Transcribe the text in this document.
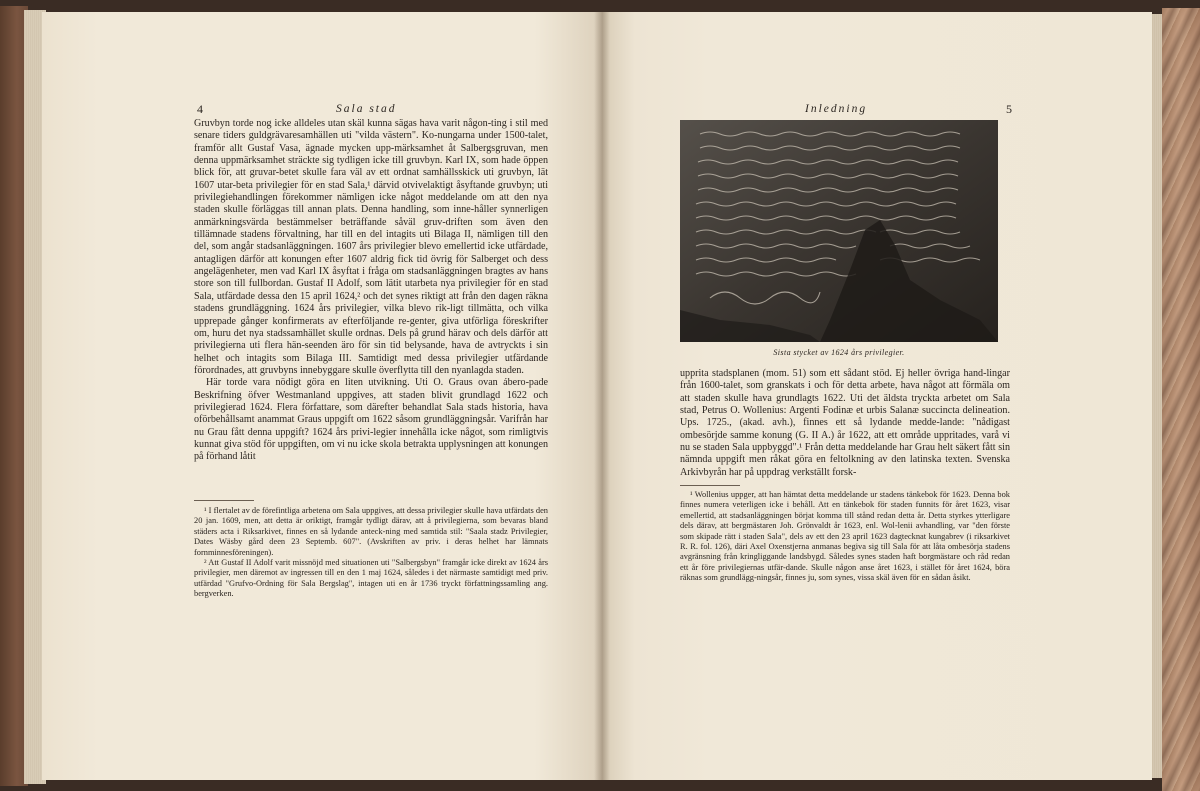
4	Sala stad

Gruvbyn torde nog icke alldeles utan skäl kunna sägas hava varit någon-ting i stil med senare tiders guldgrävaresamhällen uti "vilda västern". Ko-nungarna under 1500-talet, framför allt Gustaf Vasa, ägnade mycken upp-märksamhet åt Salbergsgruvan, men denna uppmärksamhet sträckte sig tydligen icke till gruvbyn. Karl IX, som hade öppen blick för, att gruvar-betet skulle fara väl av ett ordnat samhällsskick uti gruvbyn, lät 1607 utar-beta privilegier för en stad Sala,¹ därvid otvivelaktigt åsyftande gruvbyn; uti privilegiehandlingen förekommer nämligen icke något meddelande om att den nya staden skulle förläggas till annan plats. Denna handling, som inne-håller synnerligen anmärkningsvärda bestämmelser beträffande såväl gruv-driften som även den tillämnade stadens förvaltning, har till en del intagits uti Bilaga II, nämligen till den del, som angår stadsanläggningen. 1607 års privilegier blevo emellertid icke utfärdade, antagligen därför att konungen efter 1607 aldrig fick tid övrig för Salberget och dess angelägenheter, men vad Karl IX åsyftat i fråga om stadsanläggningen bragtes av hans store son till fullbordan. Gustaf II Adolf, som lätit utarbeta nya privilegier för en stad Sala, utfärdade dessa den 15 april 1624,² och det synes riktigt att från den dagen räkna stadens grundläggning. 1624 års privilegier, vilka blevo rik-ligt tillmätta, och vilka upprepade gånger konfirmerats av efterföljande re-genter, giva utförliga föreskrifter om, huru det nya stadssamhället skulle ordnas. Dels på grund härav och dels därför att privilegierna uti flera hän-seenden äro för sin tid belysande, hava de avtryckts i sin helhet och intagits som Bilaga III. Samtidigt med dessa privilegier utfärdande förordnades, att gruvbyns innebyggare skulle överflytta till den nyanlagda staden.

Här torde vara nödigt göra en liten utvikning. Uti O. Graus ovan ábero-pade Beskrifning öfver Westmanland uppgives, att staden blivit grundlagd 1622 och privilegierad 1624. Flera författare, som därefter behandlat Sala stads historia, hava oförbehållsamt anammat Graus uppgift om 1622 såsom grundläggningsår. Varifrån har nu Grau fått denna uppgift? 1624 års privi-legier innehålla icke något, som rimligtvis kunnat giva stöd för uppgiften, om vi nu icke skola betrakta upplysningen att konungen på förhand låtit

¹ I flertalet av de förefintliga arbetena om Sala uppgives, att dessa privilegier skulle hava utfärdats den 20 jan. 1609, men, att detta är oriktigt, framgår tydligt därav, att å privilegierna, som bevaras bland städers acta i Riksarkivet, finnes en så lydande anteck-ning med samtida stil: "Saala stadz Privilegier, Dates Wäsby gård deen 23 Septemb. 607". (Avskriften av priv. i deras helhet har lämnats fornminnesföreningen).

² Att Gustaf II Adolf varit missnöjd med situationen uti "Salbergsbyn" framgår icke direkt av 1624 års privilegier, men däremot av ingressen till en den 1 maj 1624, således i det närmaste samtidigt med priv. utfärdad "Grufvo-Ordning för Sala Bergslag", intagen uti en år 1736 tryckt författningssamling ang. bergverken.

Inledning	5
Sista stycket av 1624 års privilegier.

upprita stadsplanen (mom. 51) som ett sådant stöd. Ej heller övriga hand-lingar från 1600-talet, som granskats i och för detta arbete, hava något att förmäla om att staden skulle hava grundlagts 1622. Uti det äldsta tryckta arbetet om Sala stad, Petrus O. Wollenius: Argenti Fodinæ et urbis Salanæ succincta delineation. Ups. 1725., (akad. avh.), finnes ett så lydande medde-lande: "nådigast ombesörjde samme konung (G. II A.) år 1622, att ett område uppritades, varå vi nu se staden Sala uppbyggd".¹ Från detta meddelande har Grau helt säkert fått sin nämnda uppgift men råkat göra en feltolkning av den latinska texten. Svenska Arkivbyrån har på uppdrag verkställt forsk-

¹ Wollenius uppger, att han hämtat detta meddelande ur stadens tänkebok för 1623. Denna bok finnes numera veterligen icke i behåll. Att en tänkebok för staden funnits för året 1623, visar emellertid, att stadsanläggningen börjat komma till stånd redan detta år. Detta styrkes ytterligare dels därav, att bergmästaren Joh. Grönvaldt år 1623, enl. Wol-lenii avhandling, var "den förste som skipade rätt i staden Sala", dels av ett den 23 april 1623 dagtecknat kungabrev (i riksarkivet R. R. fol. 126), däri Axel Oxenstjerna anmanas begiva sig till Sala för att låta ombesörja stadens avgränsning från kringliggande landsbygd. Således synes staden haft borgmästare och råd redan ett år före privilegiernas utfär-dande. Skulle någon anse året 1623, i stället för året 1624, böra räknas som grundlägg-ningsår, finnes ju, som synes, vissa skäl även för en sådan åsikt.
